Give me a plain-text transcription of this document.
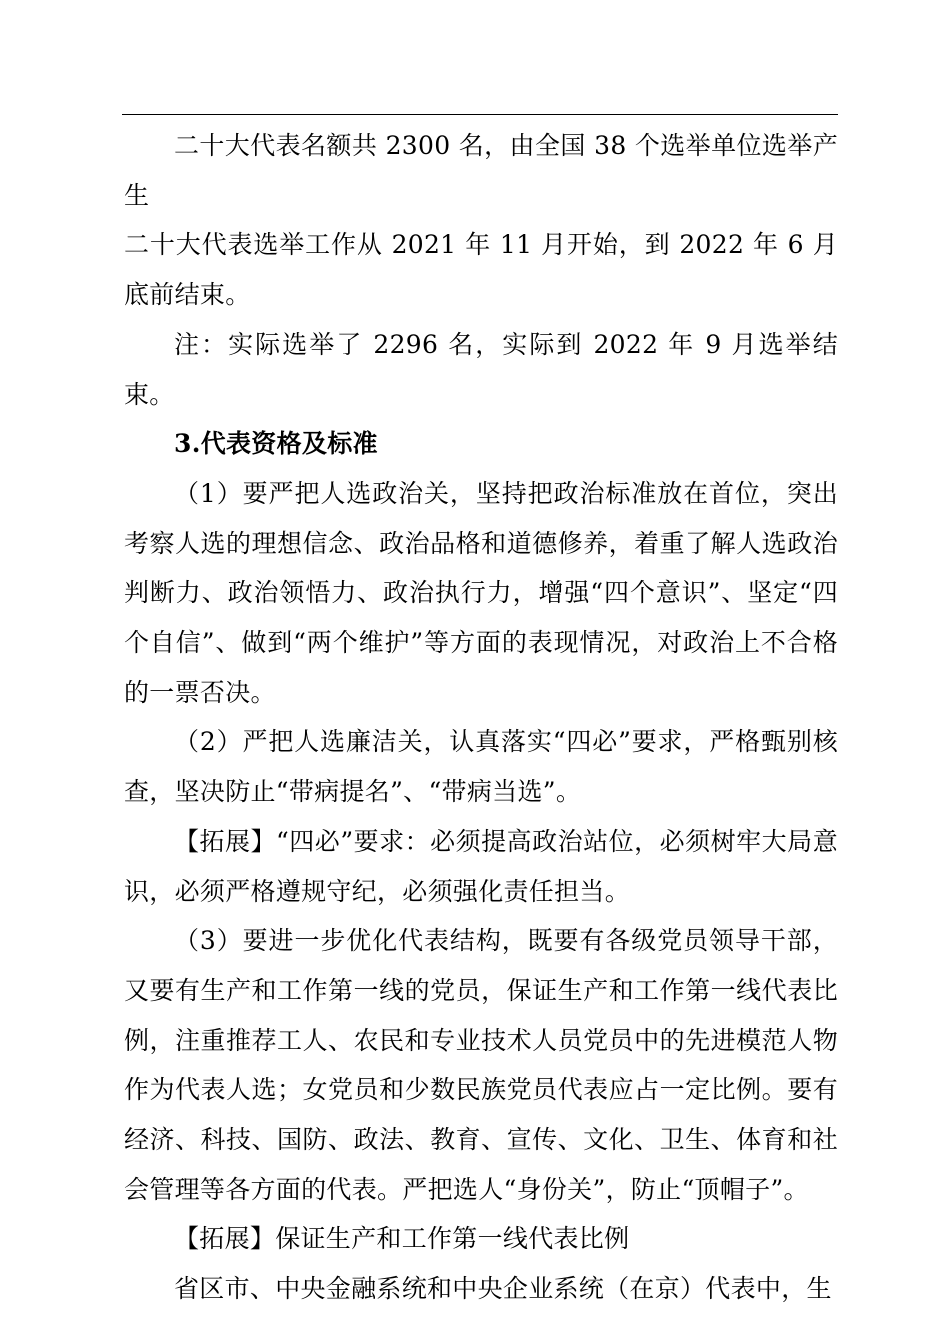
二十大代表名额共 2300 名，由全国 38 个选举单位选举产生

二十大代表选举工作从 2021 年 11 月开始，到 2022 年 6 月底前结束。

注：实际选举了 2296 名，实际到 2022 年 9 月选举结束。

3.代表资格及标准

（1）要严把人选政治关，坚持把政治标准放在首位，突出考察人选的理想信念、政治品格和道德修养，着重了解人选政治判断力、政治领悟力、政治执行力，增强“四个意识”、坚定“四个自信”、做到“两个维护”等方面的表现情况，对政治上不合格的一票否决。

（2）严把人选廉洁关，认真落实“四必”要求，严格甄别核查，坚决防止“带病提名”、“带病当选”。

【拓展】“四必”要求：必须提高政治站位，必须树牢大局意识，必须严格遵规守纪，必须强化责任担当。

（3）要进一步优化代表结构，既要有各级党员领导干部，又要有生产和工作第一线的党员，保证生产和工作第一线代表比例，注重推荐工人、农民和专业技术人员党员中的先进模范人物作为代表人选；女党员和少数民族党员代表应占一定比例。要有经济、科技、国防、政法、教育、宣传、文化、卫生、体育和社会管理等各方面的代表。严把选人“身份关”，防止“顶帽子”。

【拓展】保证生产和工作第一线代表比例

省区市、中央金融系统和中央企业系统（在京）代表中，生
